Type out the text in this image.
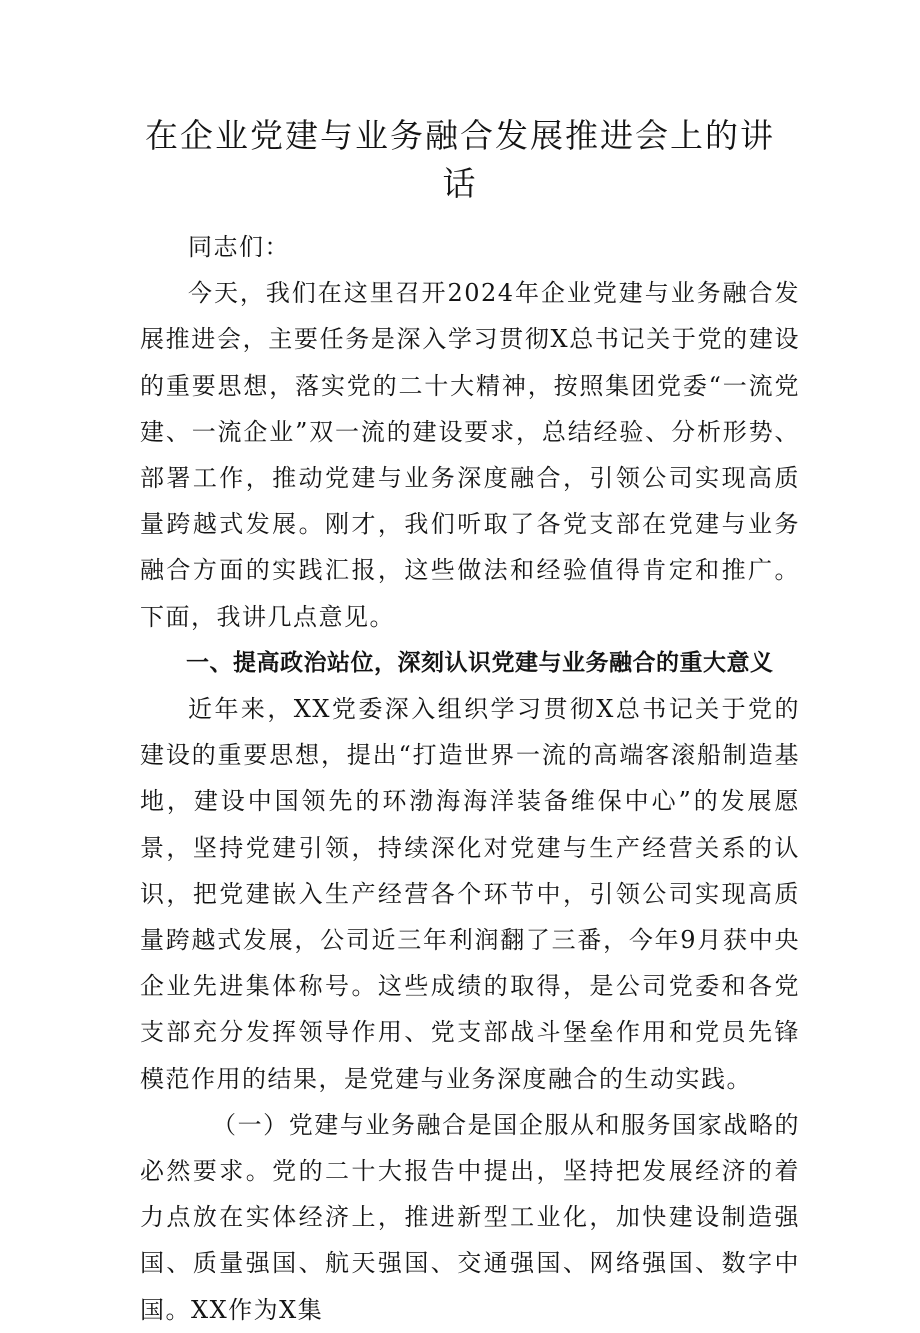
在企业党建与业务融合发展推进会上的讲话

同志们：

今天，我们在这里召开2024年企业党建与业务融合发展推进会，主要任务是深入学习贯彻X总书记关于党的建设的重要思想，落实党的二十大精神，按照集团党委“一流党建、一流企业”双一流的建设要求，总结经验、分析形势、部署工作，推动党建与业务深度融合，引领公司实现高质量跨越式发展。刚才，我们听取了各党支部在党建与业务融合方面的实践汇报，这些做法和经验值得肯定和推广。下面，我讲几点意见。

一、提高政治站位，深刻认识党建与业务融合的重大意义

近年来，XX党委深入组织学习贯彻X总书记关于党的建设的重要思想，提出“打造世界一流的高端客滚船制造基地，建设中国领先的环渤海海洋装备维保中心”的发展愿景，坚持党建引领，持续深化对党建与生产经营关系的认识，把党建嵌入生产经营各个环节中，引领公司实现高质量跨越式发展，公司近三年利润翻了三番，今年9月获中央企业先进集体称号。这些成绩的取得，是公司党委和各党支部充分发挥领导作用、党支部战斗堡垒作用和党员先锋模范作用的结果，是党建与业务深度融合的生动实践。

（一）党建与业务融合是国企服从和服务国家战略的必然要求。党的二十大报告中提出，坚持把发展经济的着力点放在实体经济上，推进新型工业化，加快建设制造强国、质量强国、航天强国、交通强国、网络强国、数字中国。XX作为X集
